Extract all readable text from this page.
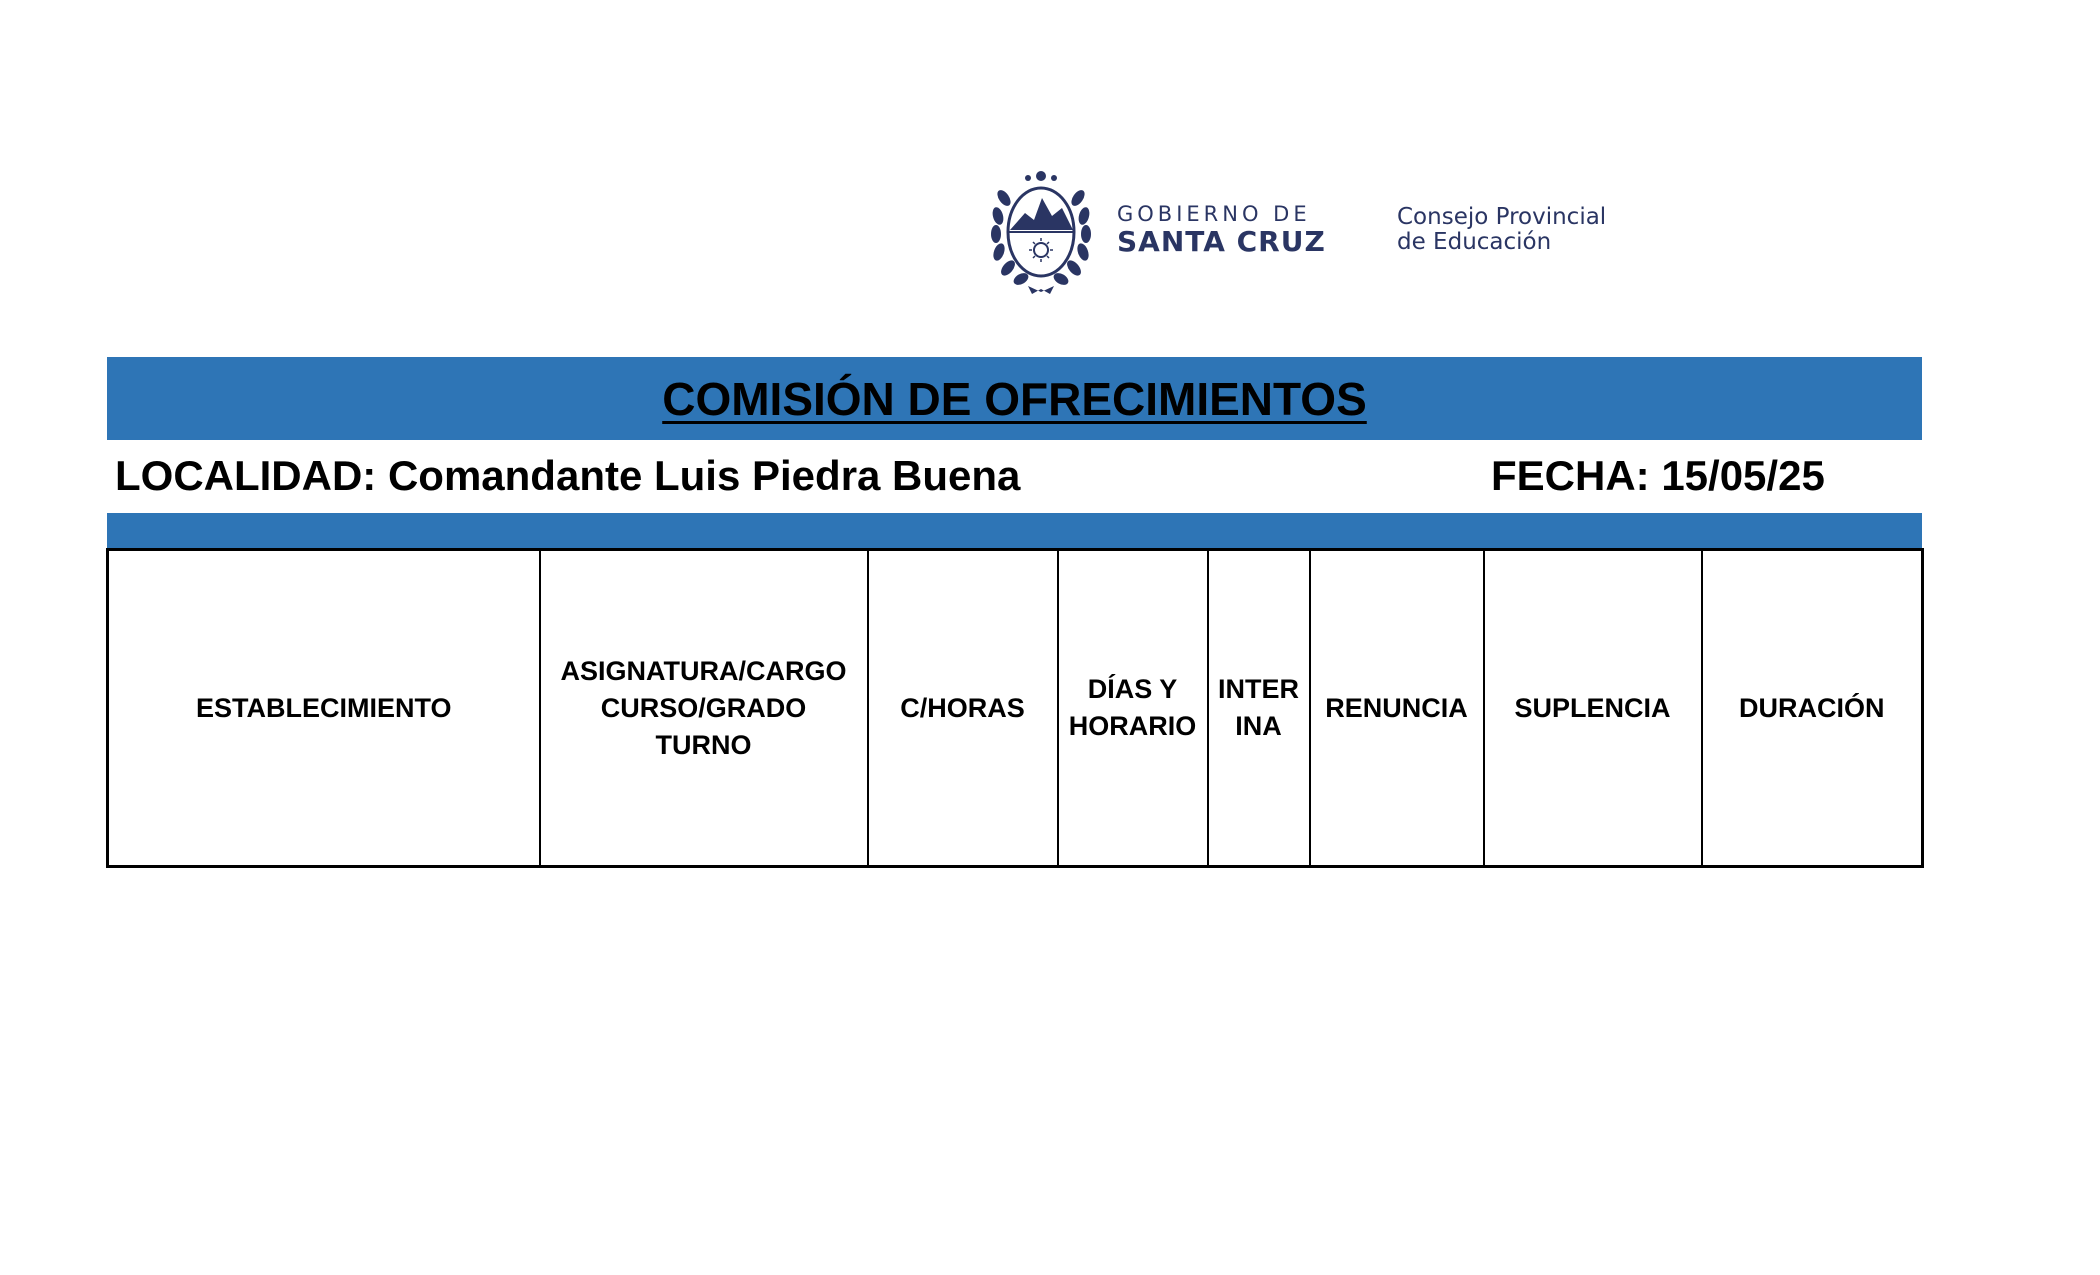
GOBIERNO DE
SANTA CRUZ
Consejo Provincial
de Educación
COMISIÓN DE OFRECIMIENTOS
LOCALIDAD: Comandante Luis Piedra Buena	FECHA: 15/05/25
ESTABLECIMIENTO	ASIGNATURA/CARGO
CURSO/GRADO
TURNO	C/HORAS	DÍAS Y
HORARIO	INTER
INA	RENUNCIA	SUPLENCIA	DURACIÓN
